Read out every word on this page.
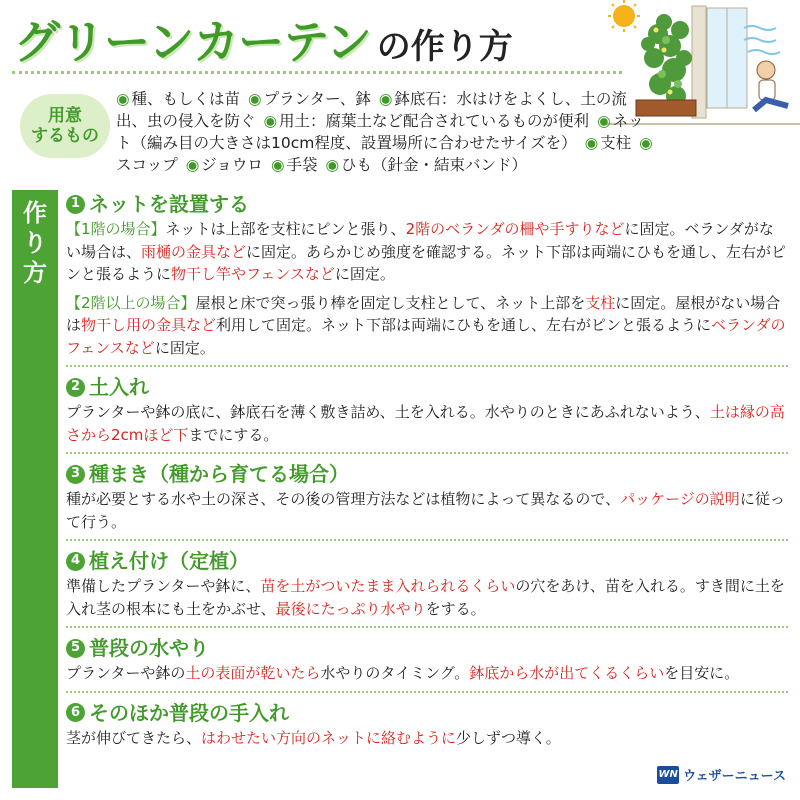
グリーンカーテン の作り方
用意
するもの
◉ 種、もしくは苗 ◉ プランター、鉢 ◉ 鉢底石：水はけをよくし、土の流出、虫の侵入を防ぐ ◉ 用土：腐葉土など配合されているものが便利 ◉ ネット（編み目の大きさは10cm程度、設置場所に合わせたサイズを） ◉ 支柱 ◉スコップ ◉ ジョウロ ◉ 手袋 ◉ ひも（針金・結束バンド）
作
り
方
1 ネットを設置する

【1階の場合】ネットは上部を支柱にピンと張り、2階のベランダの柵や手すりなどに固定。ベランダがない場合は、雨樋の金具などに固定。あらかじめ強度を確認する。ネット下部は両端にひもを通し、左右がピンと張るように物干し竿やフェンスなどに固定。

【2階以上の場合】屋根と床で突っ張り棒を固定し支柱として、ネット上部を支柱に固定。屋根がない場合は物干し用の金具など利用して固定。ネット下部は両端にひもを通し、左右がピンと張るようにベランダのフェンスなどに固定。

2 土入れ

プランターや鉢の底に、鉢底石を薄く敷き詰め、土を入れる。水やりのときにあふれないよう、土は縁の高さから2cmほど下までにする。

3 種まき（種から育てる場合）

種が必要とする水や土の深さ、その後の管理方法などは植物によって異なるので、パッケージの説明に従って行う。

4 植え付け（定植）

準備したプランターや鉢に、苗を土がついたまま入れられるくらいの穴をあけ、苗を入れる。すき間に土を入れ茎の根本にも土をかぶせ、最後にたっぷり水やりをする。

5 普段の水やり

プランターや鉢の土の表面が乾いたら水やりのタイミング。鉢底から水が出てくるくらいを目安に。

6 そのほか普段の手入れ

茎が伸びてきたら、はわせたい方向のネットに絡むように少しずつ導く。

WN ウェザーニュース
